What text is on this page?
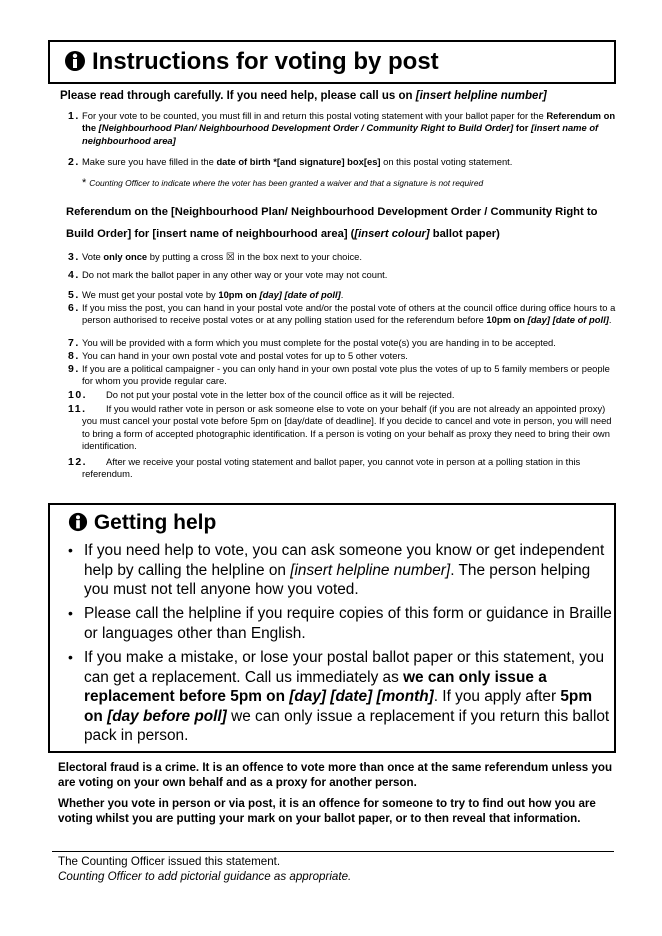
Instructions for voting by post
Please read through carefully. If you need help, please call us on [insert helpline number]
1. For your vote to be counted, you must fill in and return this postal voting statement with your ballot paper for the Referendum on the [Neighbourhood Plan/ Neighbourhood Development Order / Community Right to Build Order] for [insert name of neighbourhood area]
2. Make sure you have filled in the date of birth *[and signature] box[es] on this postal voting statement.
* Counting Officer to indicate where the voter has been granted a waiver and that a signature is not required
Referendum on the [Neighbourhood Plan/ Neighbourhood Development Order / Community Right to
Build Order] for [insert name of neighbourhood area] ([insert colour] ballot paper)
3. Vote only once by putting a cross ☒ in the box next to your choice.
4. Do not mark the ballot paper in any other way or your vote may not count.
5. We must get your postal vote by 10pm on [day] [date of poll].
6. If you miss the post, you can hand in your postal vote and/or the postal vote of others at the council office during office hours to a person authorised to receive postal votes or at any polling station used for the referendum before 10pm on [day] [date of poll].
7. You will be provided with a form which you must complete for the postal vote(s) you are handing in to be accepted.
8. You can hand in your own postal vote and postal votes for up to 5 other voters.
9. If you are a political campaigner - you can only hand in your own postal vote plus the votes of up to 5 family members or people for whom you provide regular care.
10. Do not put your postal vote in the letter box of the council office as it will be rejected.
11. If you would rather vote in person or ask someone else to vote on your behalf (if you are not already an appointed proxy) you must cancel your postal vote before 5pm on [day/date of deadline]. If you decide to cancel and vote in person, you will need to bring a form of accepted photographic identification. If a person is voting on your behalf as proxy they need to bring their own identification.
12. After we receive your postal voting statement and ballot paper, you cannot vote in person at a polling station in this referendum.
Getting help
• If you need help to vote, you can ask someone you know or get independent help by calling the helpline on [insert helpline number]. The person helping you must not tell anyone how you voted.
• Please call the helpline if you require copies of this form or guidance in Braille or languages other than English.
• If you make a mistake, or lose your postal ballot paper or this statement, you can get a replacement. Call us immediately as we can only issue a replacement before 5pm on [day] [date] [month]. If you apply after 5pm on [day before poll] we can only issue a replacement if you return this ballot pack in person.
Electoral fraud is a crime. It is an offence to vote more than once at the same referendum unless you are voting on your own behalf and as a proxy for another person.
Whether you vote in person or via post, it is an offence for someone to try to find out how you are voting whilst you are putting your mark on your ballot paper, or to then reveal that information.
The Counting Officer issued this statement.
Counting Officer to add pictorial guidance as appropriate.
